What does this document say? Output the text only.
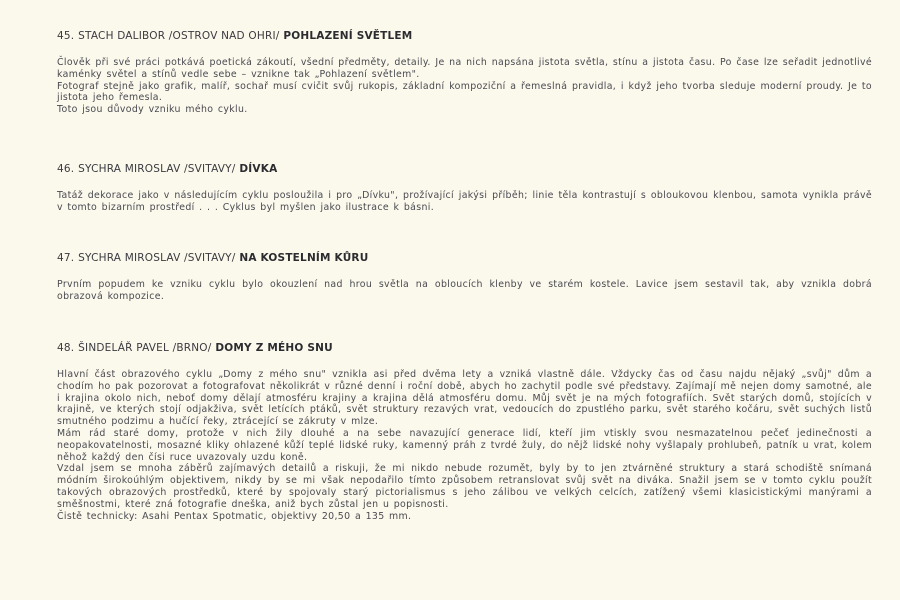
45. STACH DALIBOR /OSTROV NAD OHRI/ POHLAZENÍ SVĚTLEM

Člověk při své práci potkává poetická zákoutí, všední předměty, detaily. Je na nich napsána jistota světla, stínu a jistota času. Po čase lze seřadit jednotlivé kaménky světel a stínů vedle sebe – vznikne tak „Pohlazení světlem".

Fotograf stejně jako grafik, malíř, sochař musí cvičit svůj rukopis, základní kompoziční a řemeslná pravidla, i když jeho tvorba sleduje moderní proudy. Je to jistota jeho řemesla.

Toto jsou důvody vzniku mého cyklu.

46. SYCHRA MIROSLAV /SVITAVY/ DÍVKA

Tatáž dekorace jako v následujícím cyklu posloužila i pro „Dívku", prožívající jakýsi příběh; linie těla kontrastují s obloukovou klenbou, samota vynikla právě v tomto bizarním prostředí . . . Cyklus byl myšlen jako ilustrace k básni.

47. SYCHRA MIROSLAV /SVITAVY/ NA KOSTELNÍM KŮRU

Prvním popudem ke vzniku cyklu bylo okouzlení nad hrou světla na obloucích klenby ve starém kostele. Lavice jsem sestavil tak, aby vznikla dobrá obrazová kompozice.

48. ŠINDELÁŘ PAVEL /BRNO/ DOMY Z MÉHO SNU

Hlavní část obrazového cyklu „Domy z mého snu" vznikla asi před dvěma lety a vzniká vlastně dále. Vždycky čas od času najdu nějaký „svůj" dům a chodím ho pak pozorovat a fotografovat několikrát v různé denní i roční době, abych ho zachytil podle své představy. Zajímají mě nejen domy samotné, ale i krajina okolo nich, neboť domy dělají atmosféru krajiny a krajina dělá atmosféru domu. Můj svět je na mých fotografiích. Svět starých domů, stojících v krajině, ve kterých stojí odjakživa, svět letících ptáků, svět struktury rezavých vrat, vedoucích do zpustlého parku, svět starého kočáru, svět suchých listů smutného podzimu a hučící řeky, ztrácející se zákruty v mlze.

Mám rád staré domy, protože v nich žily dlouhé a na sebe navazující generace lidí, kteří jim vtiskly svou nesmazatelnou pečeť jedinečnosti a neopakovatelnosti, mosazné kliky ohlazené kůží teplé lidské ruky, kamenný práh z tvrdé žuly, do nějž lidské nohy vyšlapaly prohlubeň, patník u vrat, kolem něhož každý den čísi ruce uvazovaly uzdu koně.

Vzdal jsem se mnoha záběrů zajímavých detailů a riskuji, že mi nikdo nebude rozumět, byly by to jen ztvárněné struktury a stará schodiště snímaná módním širokoúhlým objektivem, nikdy by se mi však nepodařilo tímto způsobem retranslovat svůj svět na diváka. Snažil jsem se v tomto cyklu použít takových obrazových prostředků, které by spojovaly starý pictorialismus s jeho zálibou ve velkých celcích, zatížený všemi klasicistickými manýrami a směšnostmi, které zná fotografie dneška, aniž bych zůstal jen u popisnosti.

Čistě technicky: Asahi Pentax Spotmatic, objektivy 20,50 a 135 mm.
